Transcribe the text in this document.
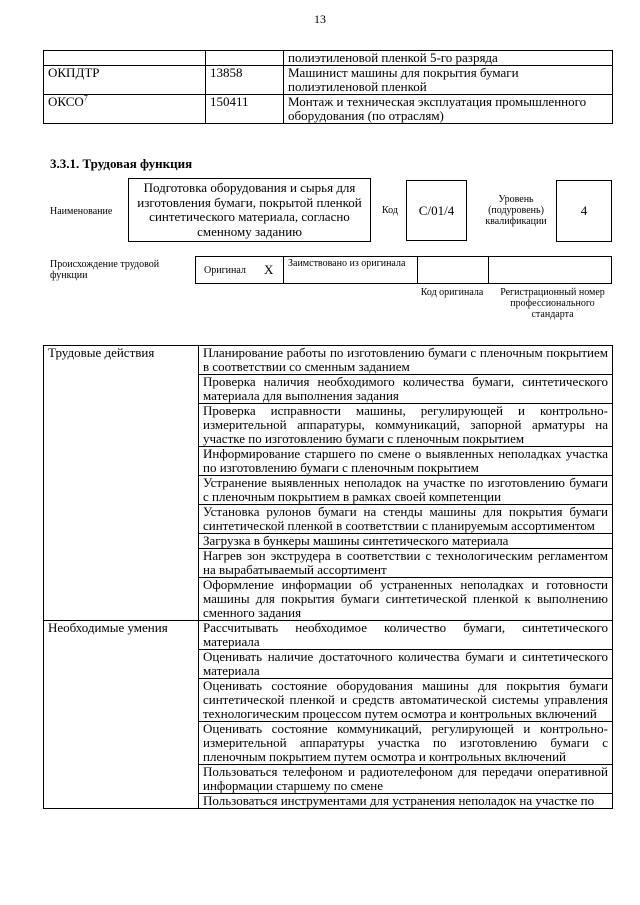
13
		полиэтиленовой пленкой 5-го разряда
ОКПДТР	13858	Машинист машины для покрытия бумаги полиэтиленовой пленкой
ОКСО$^7$	150411	Монтаж и техническая эксплуатация промышленного оборудования (по отраслям)
3.3.1. Трудовая функция
Наименование
Подготовка оборудования и сырья для изготовления бумаги, покрытой пленкой синтетического материала, согласно сменному заданию
Код	C/01/4
Уровень (подуровень) квалификации
4
Происхождение трудовой функции	Оригинал X Заимствовано из оригинала
Код оригинала	Регистрационный номер профессионального стандарта
Трудовые действия	Планирование работы по изготовлению бумаги с пленочным покрытием в соответствии со сменным заданием
	Проверка наличия необходимого количества бумаги, синтетического материала для выполнения задания
	Проверка исправности машины, регулирующей и контрольно-измерительной аппаратуры, коммуникаций, запорной арматуры на участке по изготовлению бумаги с пленочным покрытием
	Информирование старшего по смене о выявленных неполадках участка по изготовлению бумаги с пленочным покрытием
	Устранение выявленных неполадок на участке по изготовлению бумаги с пленочным покрытием в рамках своей компетенции
	Установка рулонов бумаги на стенды машины для покрытия бумаги синтетической пленкой в соответствии с планируемым ассортиментом
	Загрузка в бункеры машины синтетического материала
	Нагрев зон экструдера в соответствии с технологическим регламентом на вырабатываемый ассортимент
	Оформление информации об устраненных неполадках и готовности машины для покрытия бумаги синтетической пленкой к выполнению сменного задания
Необходимые умения	Рассчитывать необходимое количество бумаги, синтетического материала
	Оценивать наличие достаточного количества бумаги и синтетического материала
	Оценивать состояние оборудования машины для покрытия бумаги синтетической пленкой и средств автоматической системы управления технологическим процессом путем осмотра и контрольных включений
	Оценивать состояние коммуникаций, регулирующей и контрольно-измерительной аппаратуры участка по изготовлению бумаги с пленочным покрытием путем осмотра и контрольных включений
	Пользоваться телефоном и радиотелефоном для передачи оперативной информации старшему по смене
	Пользоваться инструментами для устранения неполадок на участке по
